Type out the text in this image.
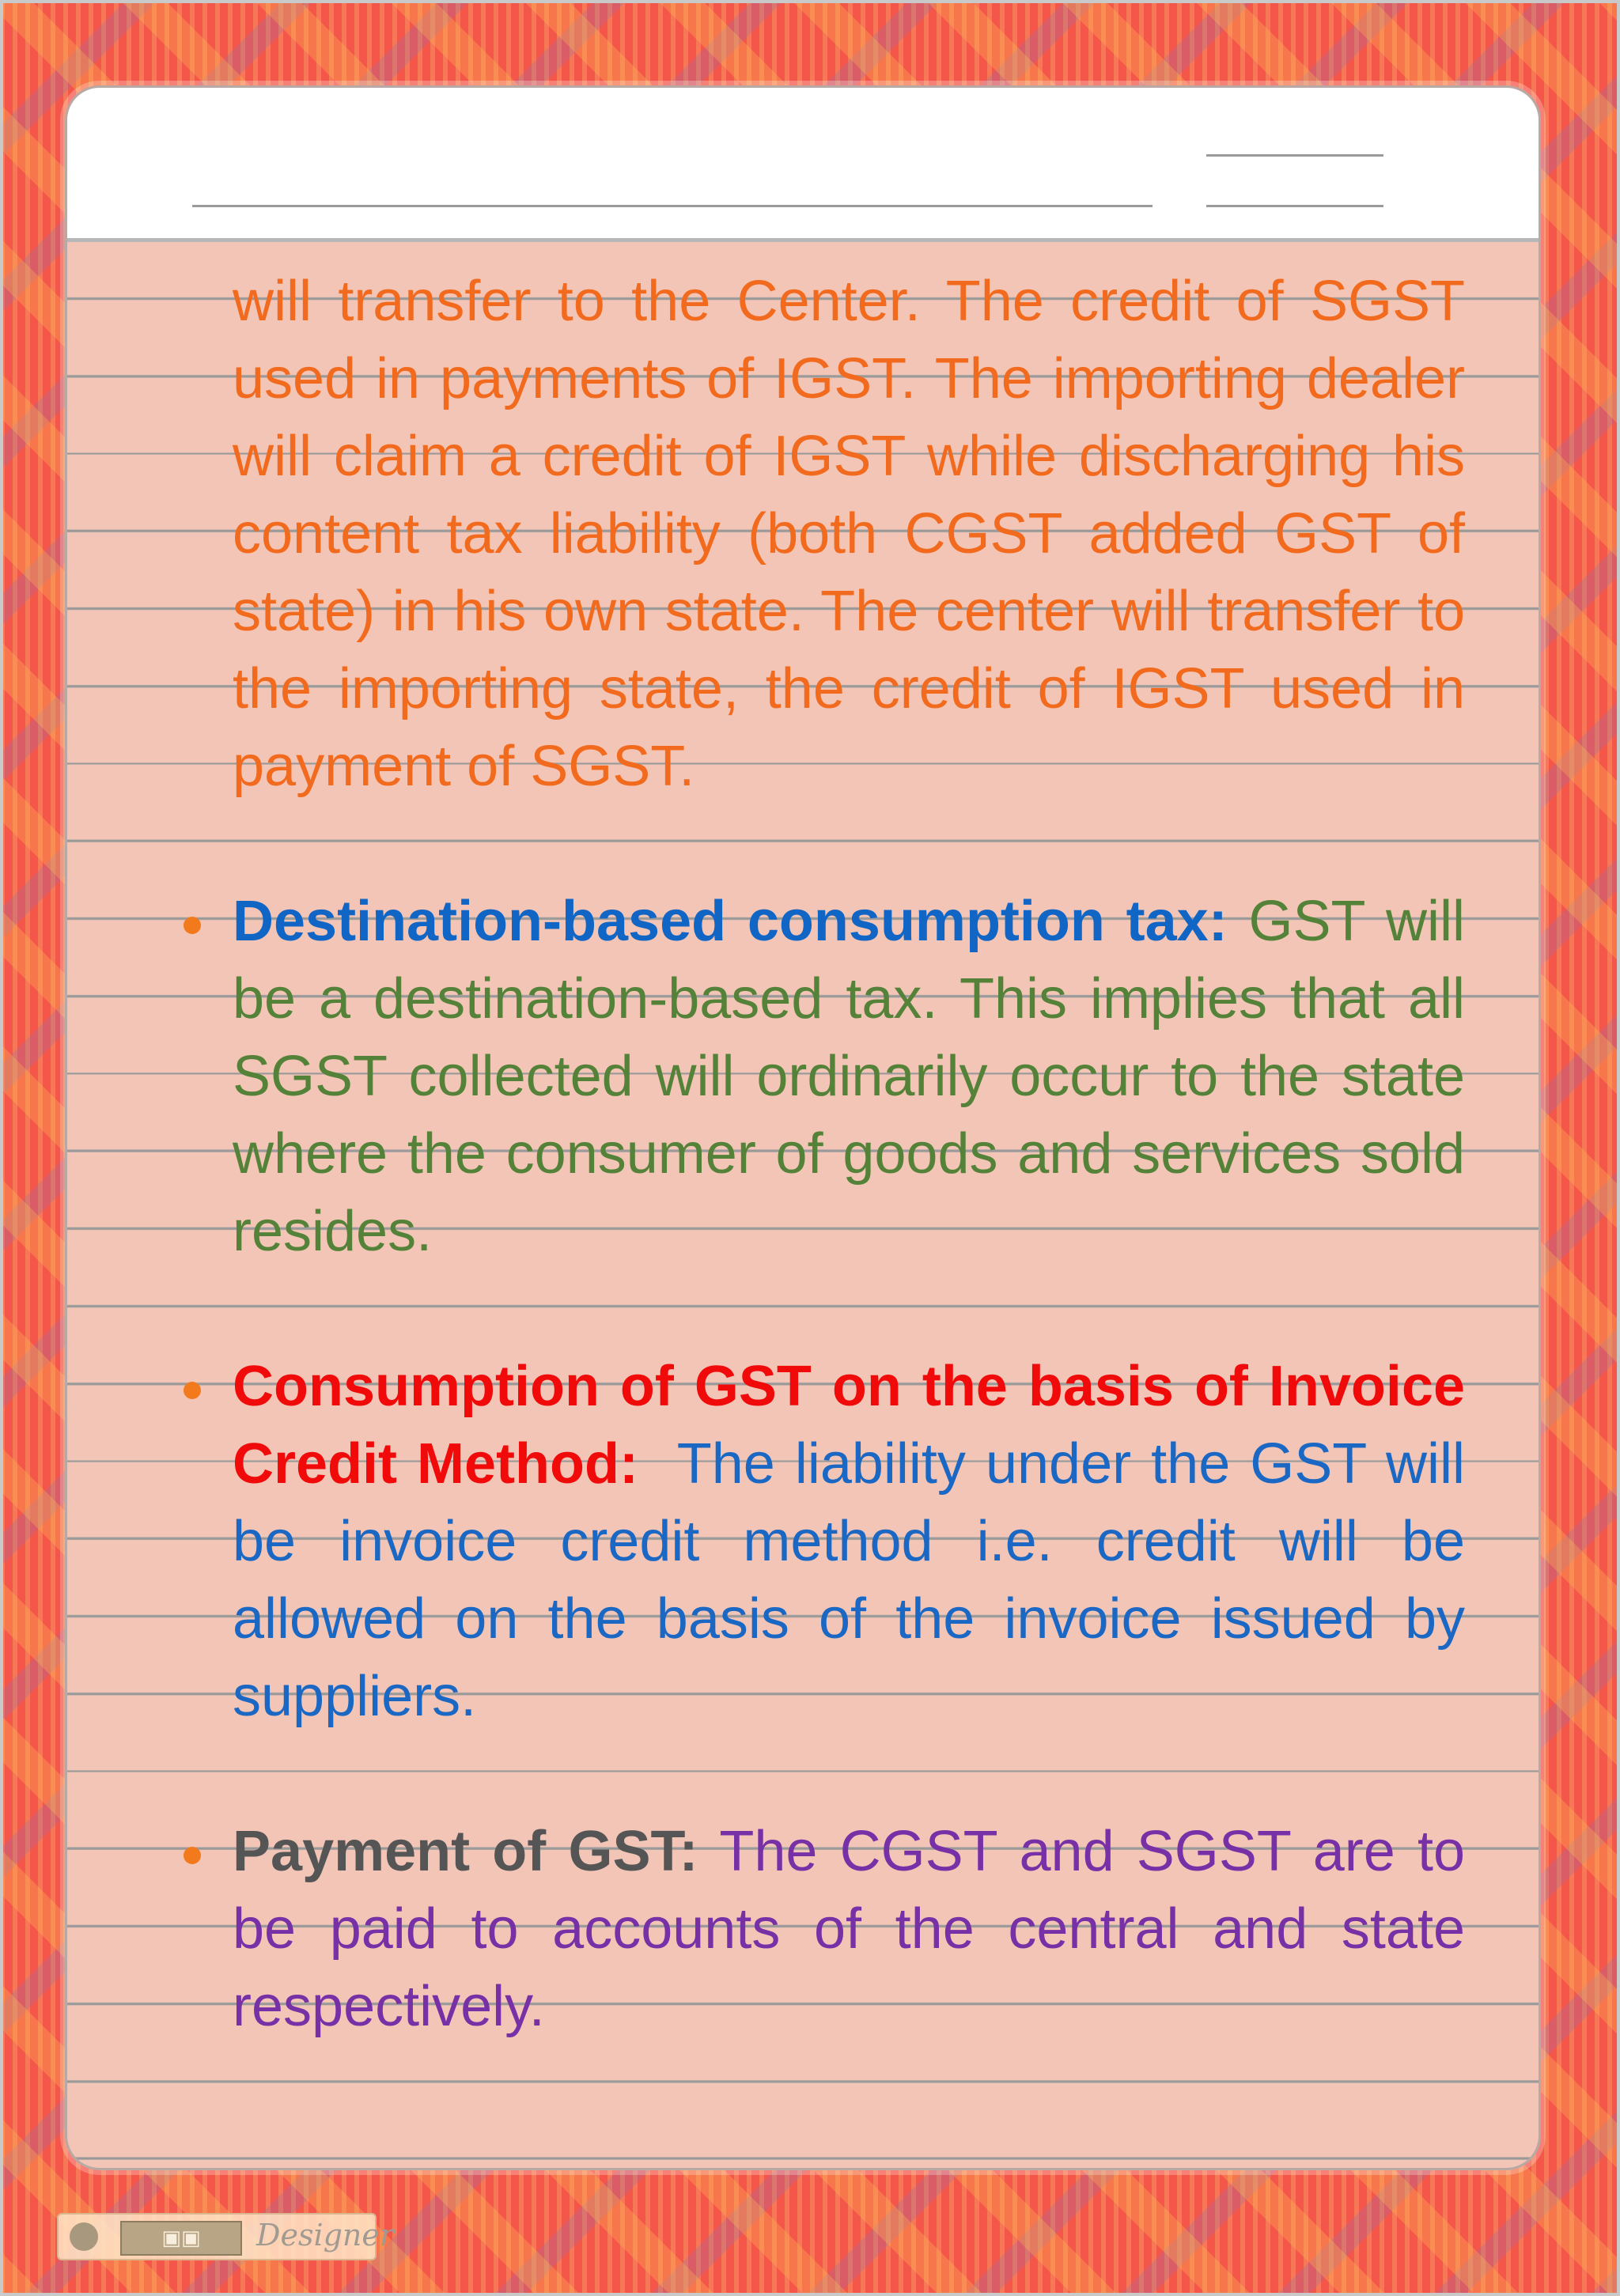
will transfer to the Center. The credit of SGST used in payments of IGST. The importing dealer will claim a credit of IGST while discharging his content tax liability (both CGST added GST of state) in his own state. The center will transfer to the importing state, the credit of IGST used in payment of SGST.

Destination-based consumption tax: GST will be a destination-based tax. This implies that all SGST collected will ordinarily occur to the state where the consumer of goods and services sold resides.

Consumption of GST on the basis of Invoice Credit Method: The liability under the GST will be invoice credit method i.e. credit will be allowed on the basis of the invoice issued by suppliers.

Payment of GST: The CGST and SGST are to be paid to accounts of the central and state respectively.

▣▣	Designer
